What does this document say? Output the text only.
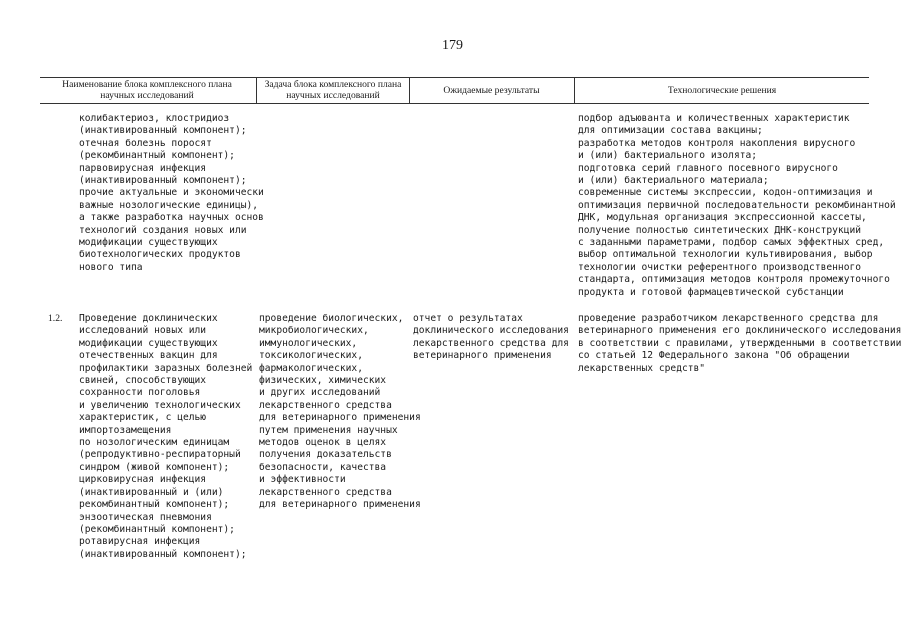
179
Наименование блока комплексного плана научных исследований
Задача блока комплексного плана научных исследований	Ожидаемые результаты	Технологические решения
колибактериоз, клостридиоз
(инактивированный компонент);
отечная болезнь поросят
(рекомбинантный компонент);
парвовирусная инфекция
(инактивированный компонент);
прочие актуальные и экономически
важные нозологические единицы),
а также разработка научных основ
технологий создания новых или
модификации существующих
биотехнологических продуктов
нового типа
подбор адъюванта и количественных характеристик
для оптимизации состава вакцины;
разработка методов контроля накопления вирусного
и (или) бактериального изолята;
подготовка серий главного посевного вирусного
и (или) бактериального материала;
современные системы экспрессии, кодон-оптимизация и
оптимизация первичной последовательности рекомбинантной
ДНК, модульная организация экспрессионной кассеты,
получение полностью синтетических ДНК-конструкций
с заданными параметрами, подбор самых эффектных сред,
выбор оптимальной технологии культивирования, выбор
технологии очистки референтного производственного
стандарта, оптимизация методов контроля промежуточного
продукта и готовой фармацевтической субстанции
1.2. Проведение доклинических
исследований новых или
модификации существующих
отечественных вакцин для
профилактики заразных болезней
свиней, способствующих
сохранности поголовья
и увеличению технологических
характеристик, с целью
импортозамещения
по нозологическим единицам
(репродуктивно-респираторный
синдром (живой компонент);
цирковирусная инфекция
(инактивированный и (или)
рекомбинантный компонент);
энзоотическая пневмония
(рекомбинантный компонент);
ротавирусная инфекция
(инактивированный компонент);
проведение биологических,
микробиологических,
иммунологических,
токсикологических,
фармакологических,
физических, химических
и других исследований
лекарственного средства
для ветеринарного применения
путем применения научных
методов оценок в целях
получения доказательств
безопасности, качества
и эффективности
лекарственного средства
для ветеринарного применения
отчет о результатах
доклинического исследования
лекарственного средства для
ветеринарного применения
проведение разработчиком лекарственного средства для
ветеринарного применения его доклинического исследования
в соответствии с правилами, утвержденными в соответствии
со статьей 12 Федерального закона "Об обращении
лекарственных средств"
